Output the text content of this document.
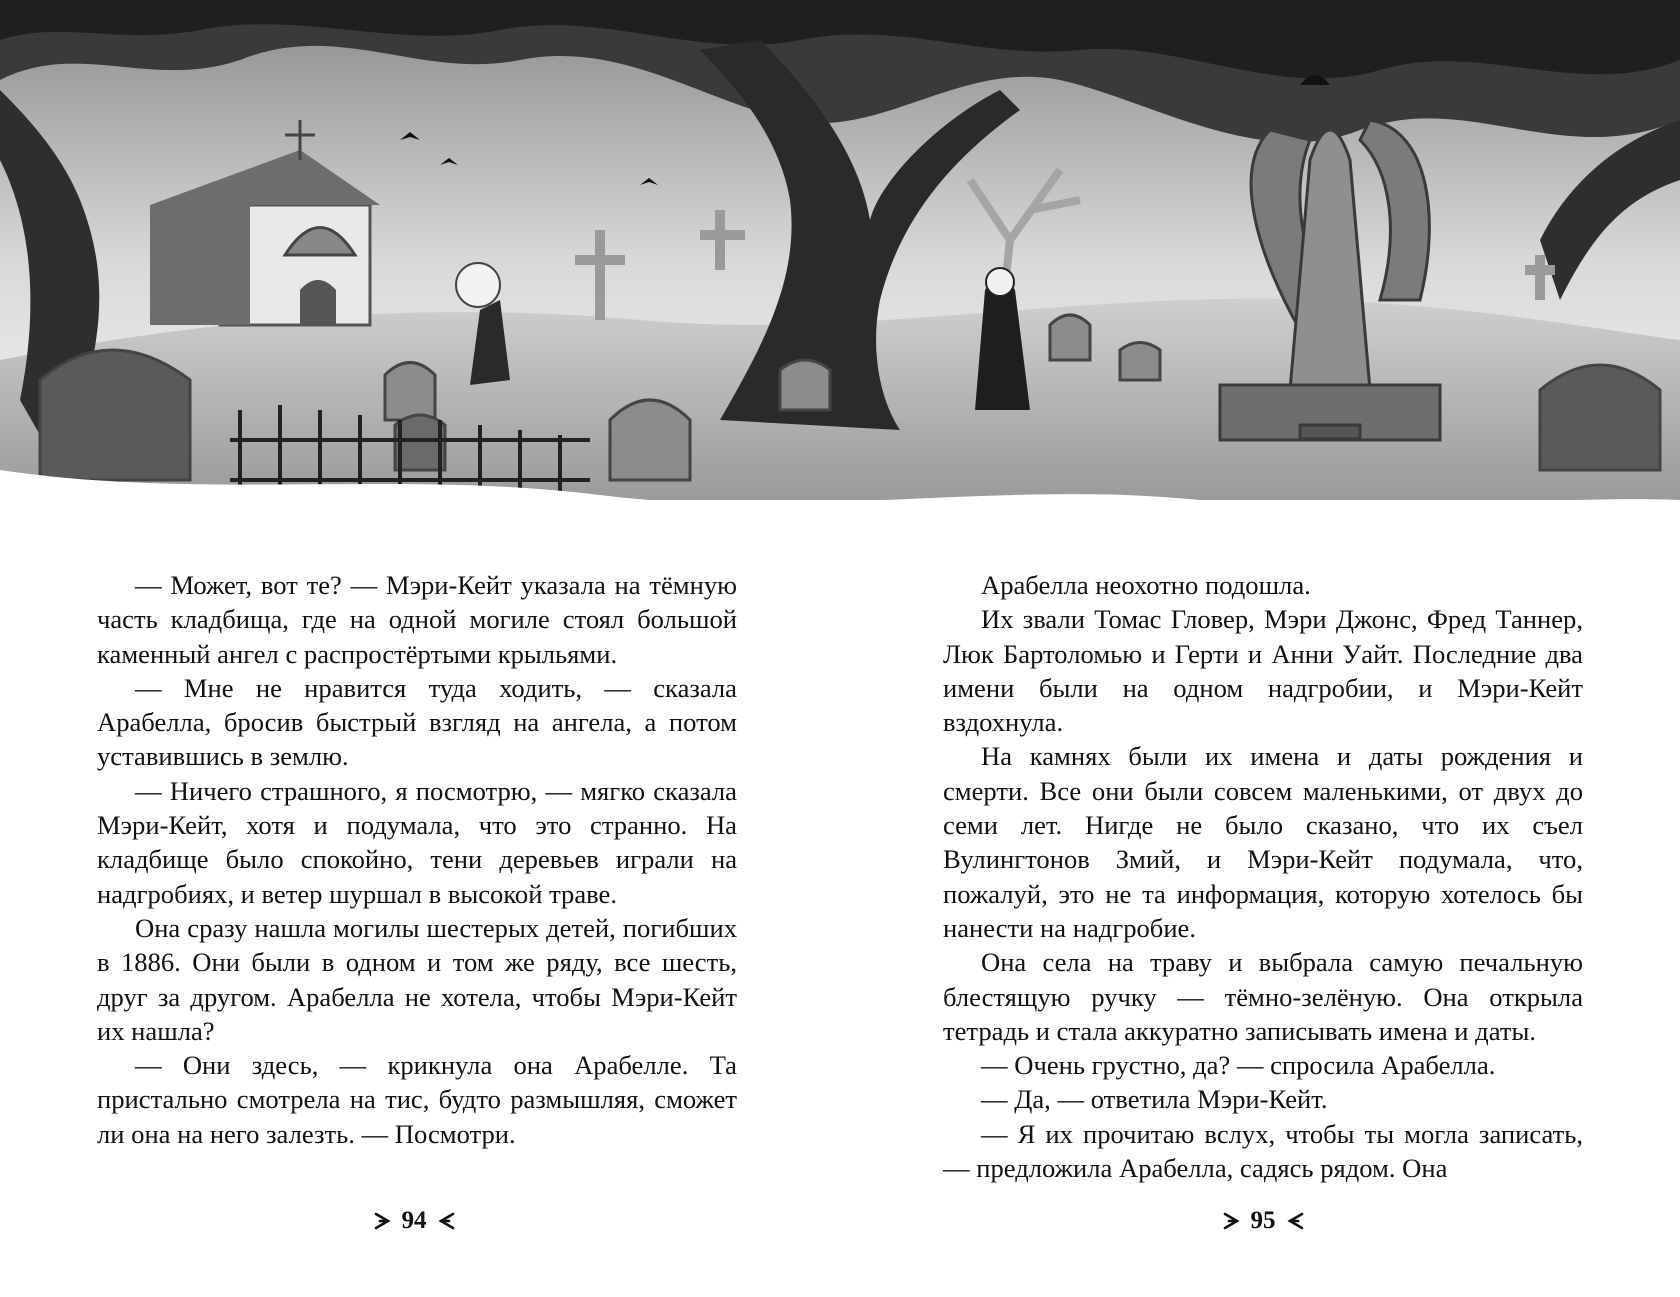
— Может, вот те? — Мэри-Кейт указала на тёмную часть кладбища, где на одной могиле стоял большой каменный ангел с распростёртыми крыльями.

— Мне не нравится туда ходить, — сказала Арабелла, бросив быстрый взгляд на ангела, а потом уставившись в землю.

— Ничего страшного, я посмотрю, — мягко сказала Мэри-Кейт, хотя и подумала, что это странно. На кладбище было спокойно, тени деревьев играли на надгробиях, и ветер шуршал в высокой траве.

Она сразу нашла могилы шестерых детей, погибших в 1886. Они были в одном и том же ряду, все шесть, друг за другом. Арабелла не хотела, чтобы Мэри-Кейт их нашла?

— Они здесь, — крикнула она Арабелле. Та пристально смотрела на тис, будто размышляя, сможет ли она на него залезть. — Посмотри.

Арабелла неохотно подошла.

Их звали Томас Гловер, Мэри Джонс, Фред Таннер, Люк Бартоломью и Герти и Анни Уайт. Последние два имени были на одном надгробии, и Мэри-Кейт вздохнула.

На камнях были их имена и даты рождения и смерти. Все они были совсем маленькими, от двух до семи лет. Нигде не было сказано, что их съел Вулингтонов Змий, и Мэри-Кейт подумала, что, пожалуй, это не та информация, которую хотелось бы нанести на надгробие.

Она села на траву и выбрала самую печальную блестящую ручку — тёмно-зелёную. Она открыла тетрадь и стала аккуратно записывать имена и даты.

— Очень грустно, да? — спросила Арабелла.

— Да, — ответила Мэри-Кейт.

— Я их прочитаю вслух, чтобы ты могла записать, — предложила Арабелла, садясь рядом. Она

94	95
